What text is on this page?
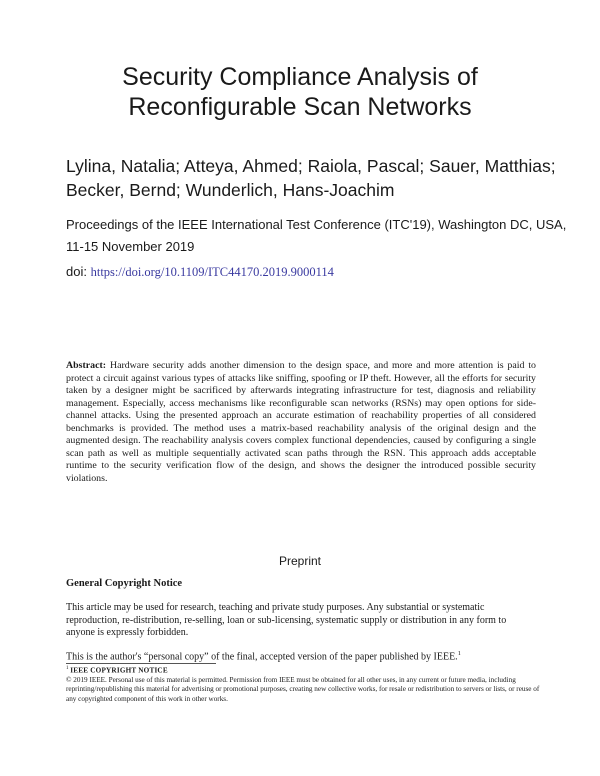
Security Compliance Analysis of
Reconfigurable Scan Networks
Lylina, Natalia; Atteya, Ahmed; Raiola, Pascal; Sauer, Matthias;
Becker, Bernd; Wunderlich, Hans-Joachim
Proceedings of the IEEE International Test Conference (ITC'19), Washington DC, USA,
11-15 November 2019
doi: https://doi.org/10.1109/ITC44170.2019.9000114
Abstract: Hardware security adds another dimension to the design space, and more and more attention is paid to protect a circuit against various types of attacks like sniffing, spoofing or IP theft. However, all the efforts for security taken by a designer might be sacrificed by afterwards integrating infrastructure for test, diagnosis and reliability management. Especially, access mechanisms like reconfigurable scan networks (RSNs) may open options for side-channel attacks. Using the presented approach an accurate estimation of reachability properties of all considered benchmarks is provided. The method uses a matrix-based reachability analysis of the original design and the augmented design. The reachability analysis covers complex functional dependencies, caused by configuring a single scan path as well as multiple sequentially activated scan paths through the RSN. This approach adds acceptable runtime to the security verification flow of the design, and shows the designer the introduced possible security violations.
Preprint
General Copyright Notice
This article may be used for research, teaching and private study purposes. Any substantial or systematic reproduction, re-distribution, re-selling, loan or sub-licensing, systematic supply or distribution in any form to anyone is expressly forbidden.
This is the author's “personal copy” of the final, accepted version of the paper published by IEEE.$^1$
$^1$ IEEE COPYRIGHT NOTICE
© 2019 IEEE. Personal use of this material is permitted. Permission from IEEE must be obtained for all other uses, in any current or future media, including reprinting/republishing this material for advertising or promotional purposes, creating new collective works, for resale or redistribution to servers or lists, or reuse of any copyrighted component of this work in other works.
